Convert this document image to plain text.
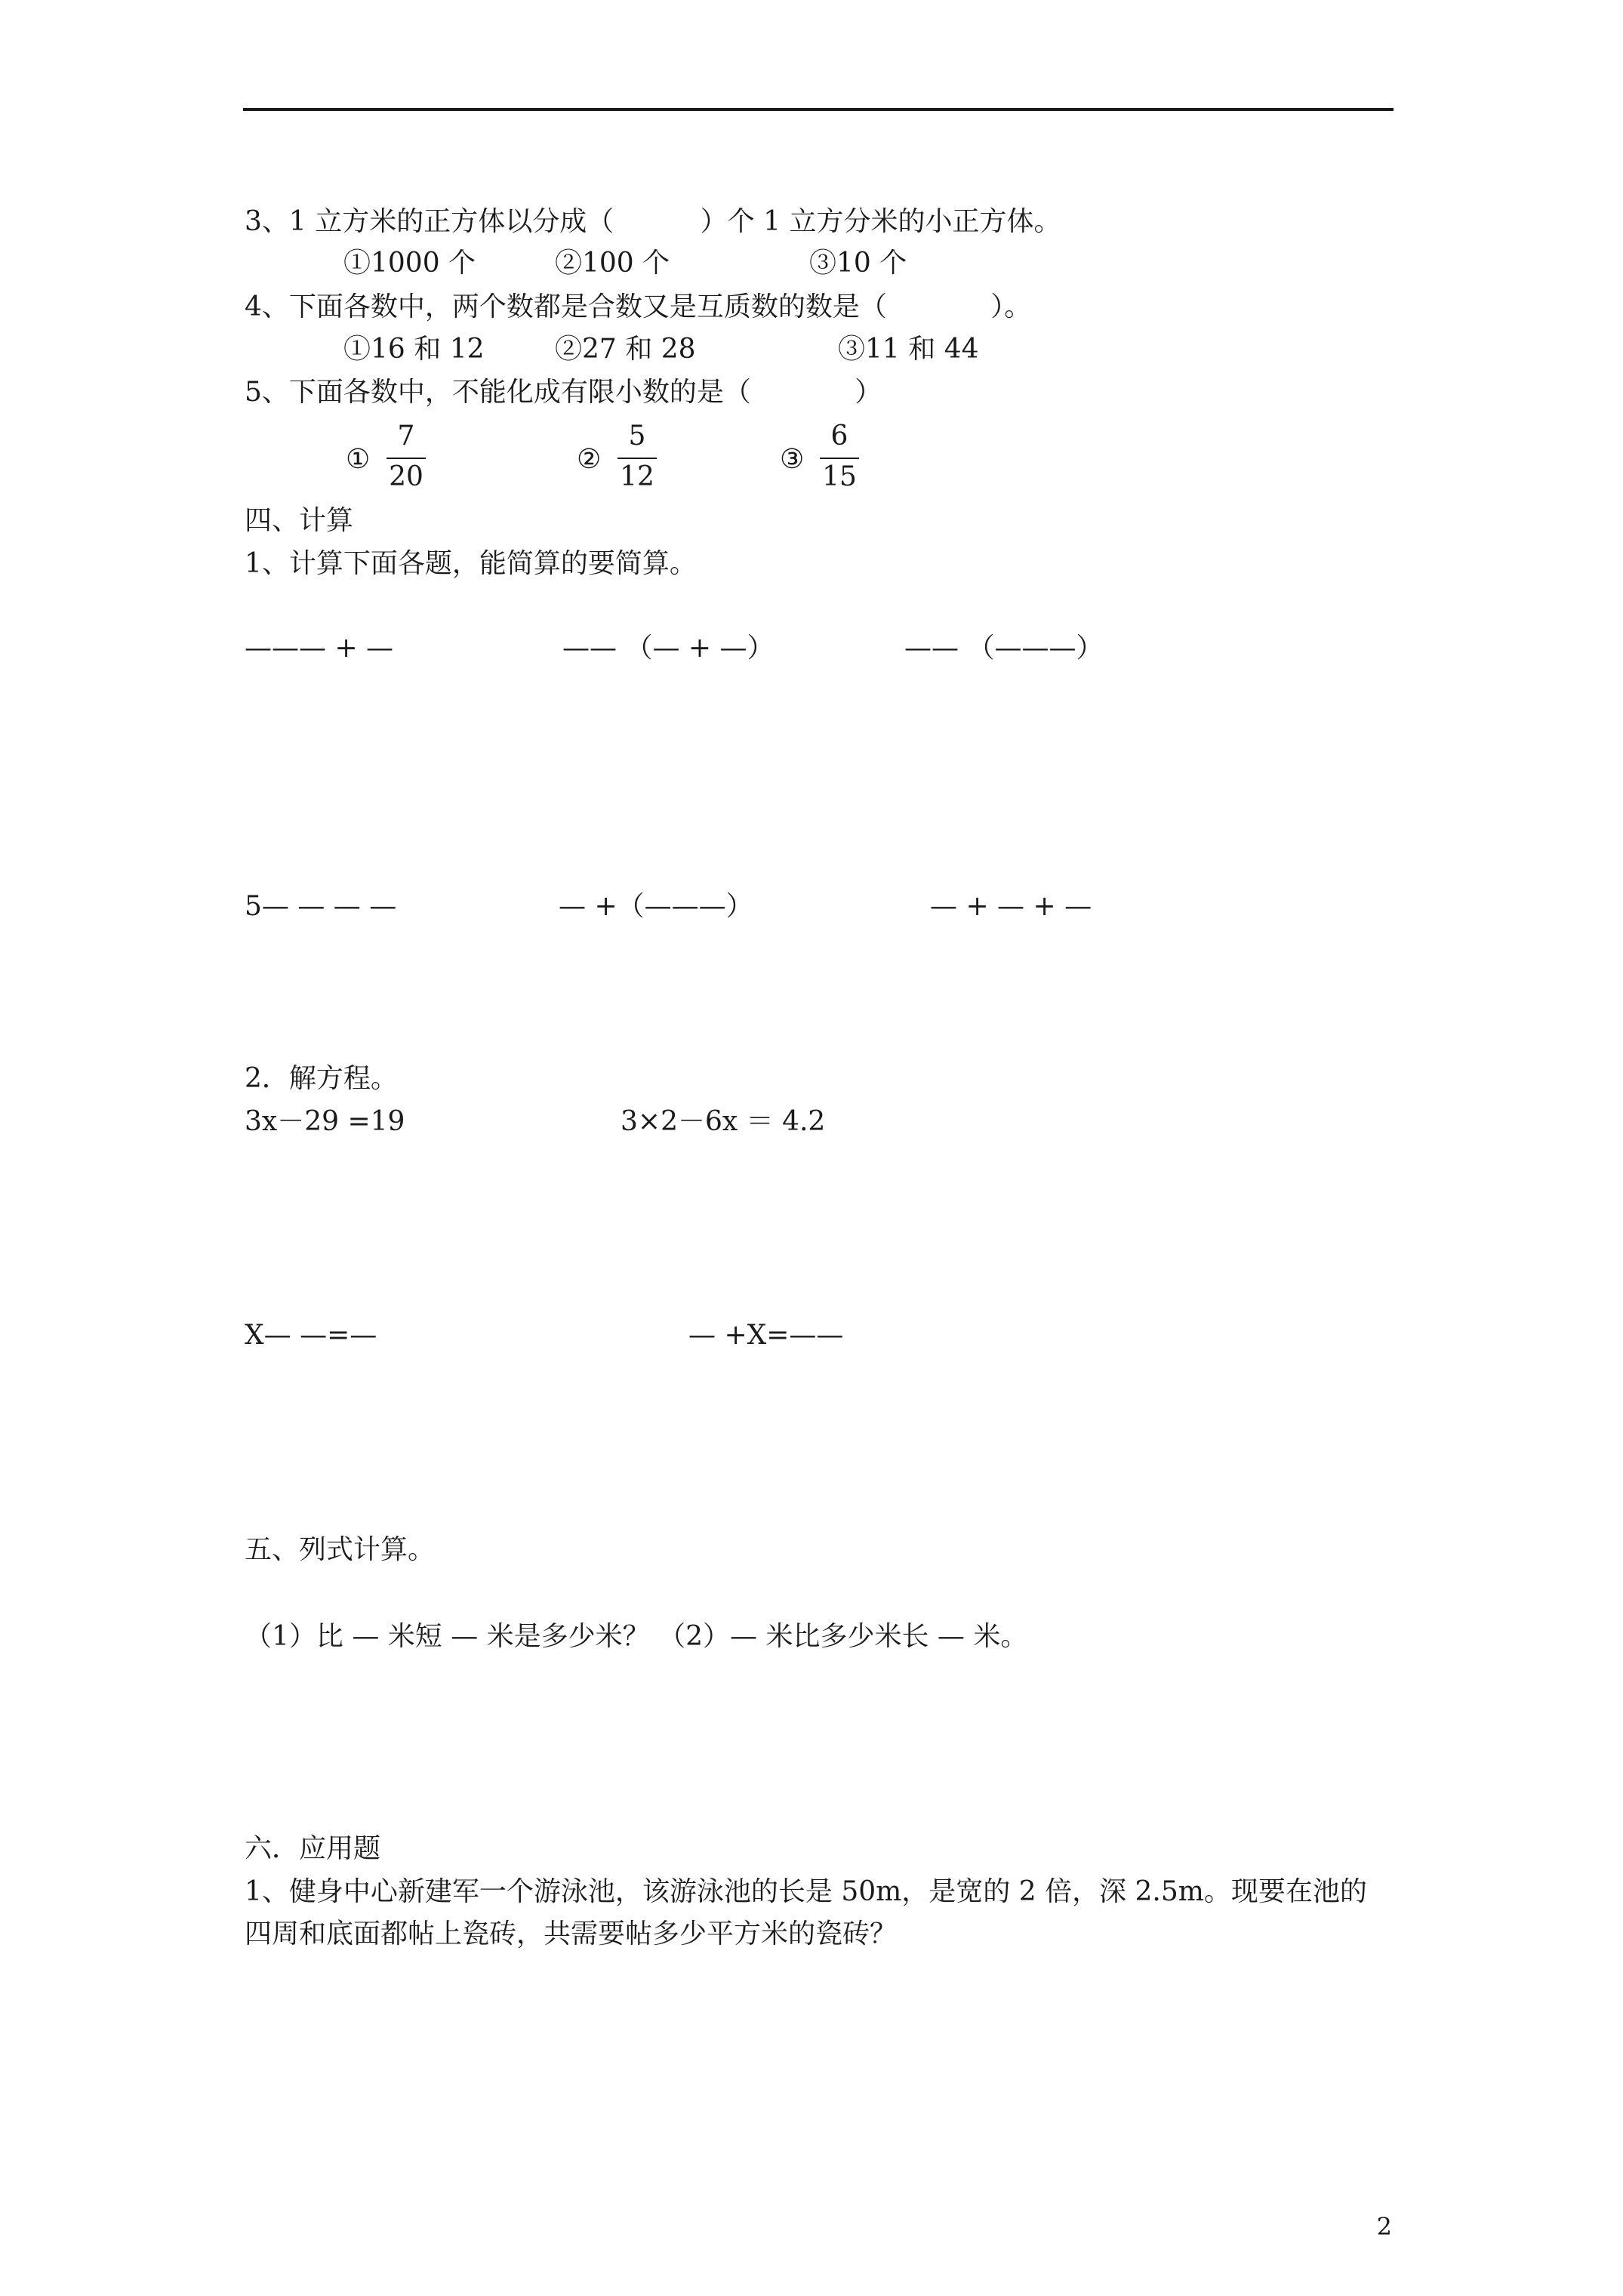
3、1 立方米的正方体以分成（          ）个 1 立方分米的小正方体。
①1000 个	②100 个	③10 个
4、下面各数中，两个数都是合数又是互质数的数是（            ）。
①16 和 12	②27 和 28	③11 和 44
5、下面各数中，不能化成有限小数的是（            ）
①
7
20
②
5
12
③
6
15
四、计算
1、计算下面各题，能简算的要简算。
——— + —	—— （— + —）	—— （———）
5— — — —	— +（———）	— + — + —
2．解方程。
3x－29 =19	3×2－6x ＝ 4.2
X— —=—	— +X=——
五、列式计算。
（1）比 — 米短 — 米是多少米？ （2）— 米比多少米长 — 米。
六．应用题
1、健身中心新建军一个游泳池，该游泳池的长是 50m，是宽的 2 倍，深 2.5m。现要在池的
四周和底面都帖上瓷砖，共需要帖多少平方米的瓷砖？
2
